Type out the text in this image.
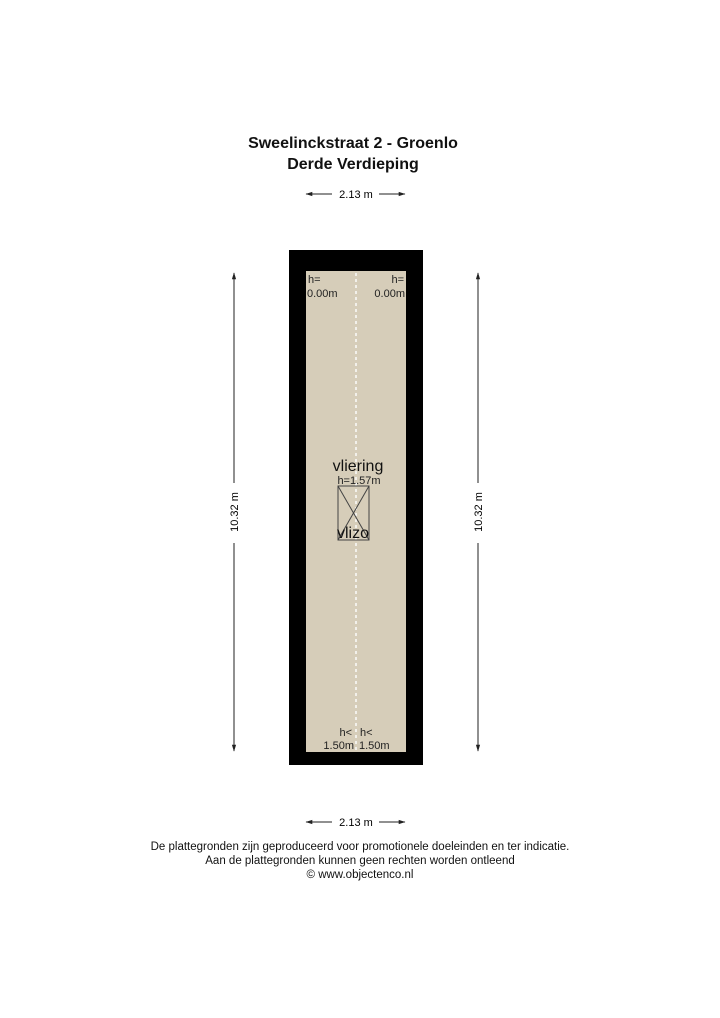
Sweelinckstraat 2 - Groenlo
Derde Verdieping
2.13 m
10.32 m	10.32 m
h=
0.00m
h=
0.00m
h<
1.50m
h<
1.50m
vliering
h=1.57m
vlizo
2.13 m
De plattegronden zijn geproduceerd voor promotionele doeleinden en ter indicatie.
Aan de plattegronden kunnen geen rechten worden ontleend
© www.objectenco.nl
